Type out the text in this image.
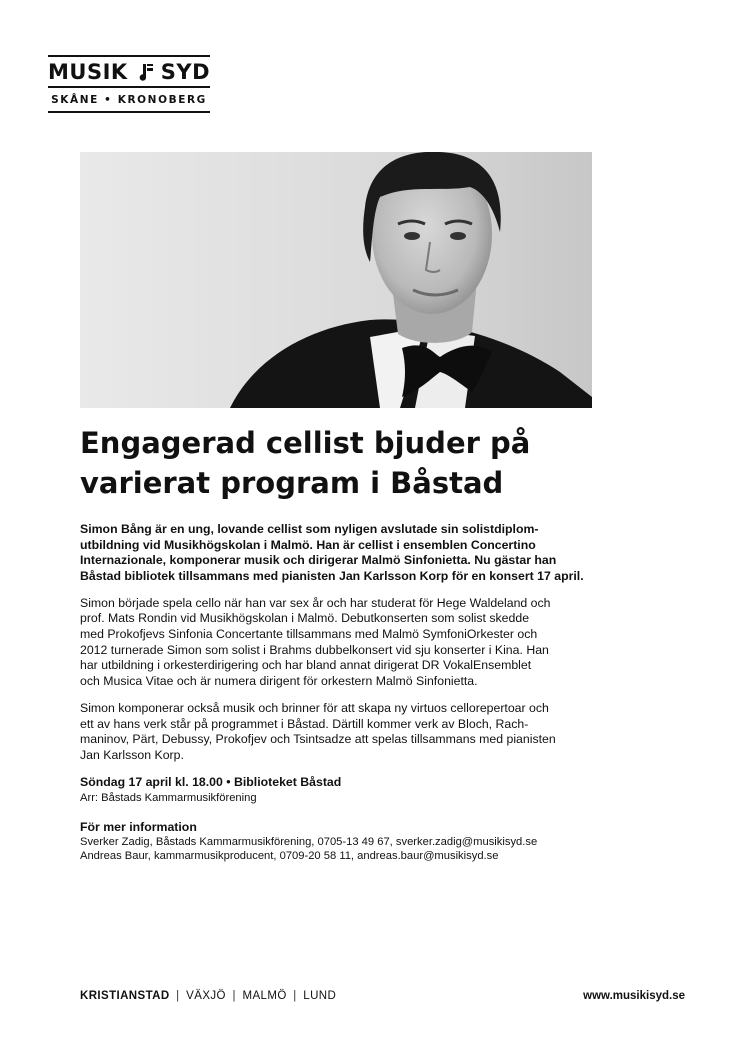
MUSIK SYD
SKÅNE • KRONOBERG
Engagerad cellist bjuder på
varierat program i Båstad

Simon Bång är en ung, lovande cellist som nyligen avslutade sin solistdiplom-
utbildning vid Musikhögskolan i Malmö. Han är cellist i ensemblen Concertino
Internazionale, komponerar musik och dirigerar Malmö Sinfonietta. Nu gästar han
Båstad bibliotek tillsammans med pianisten Jan Karlsson Korp för en konsert 17 april.

Simon började spela cello när han var sex år och har studerat för Hege Waldeland och
prof. Mats Rondin vid Musikhögskolan i Malmö. Debutkonserten som solist skedde
med Prokofjevs Sinfonia Concertante tillsammans med Malmö SymfoniOrkester och
2012 turnerade Simon som solist i Brahms dubbelkonsert vid sju konserter i Kina. Han
har utbildning i orkesterdirigering och har bland annat dirigerat DR VokalEnsemblet
och Musica Vitae och är numera dirigent för orkestern Malmö Sinfonietta.

Simon komponerar också musik och brinner för att skapa ny virtuos cellorepertoar och
ett av hans verk står på programmet i Båstad. Därtill kommer verk av Bloch, Rach-
maninov, Pärt, Debussy, Prokofjev och Tsintsadze att spelas tillsammans med pianisten
Jan Karlsson Korp.

Söndag 17 april kl. 18.00 • Biblioteket Båstad
Arr: Båstads Kammarmusikförening

För mer information
Sverker Zadig, Båstads Kammarmusikförening, 0705-13 49 67, sverker.zadig@musikisyd.se
Andreas Baur, kammarmusikproducent, 0709-20 58 11, andreas.baur@musikisyd.se

KRISTIANSTAD | VÄXJÖ | MALMÖ | LUND	www.musikisyd.se
